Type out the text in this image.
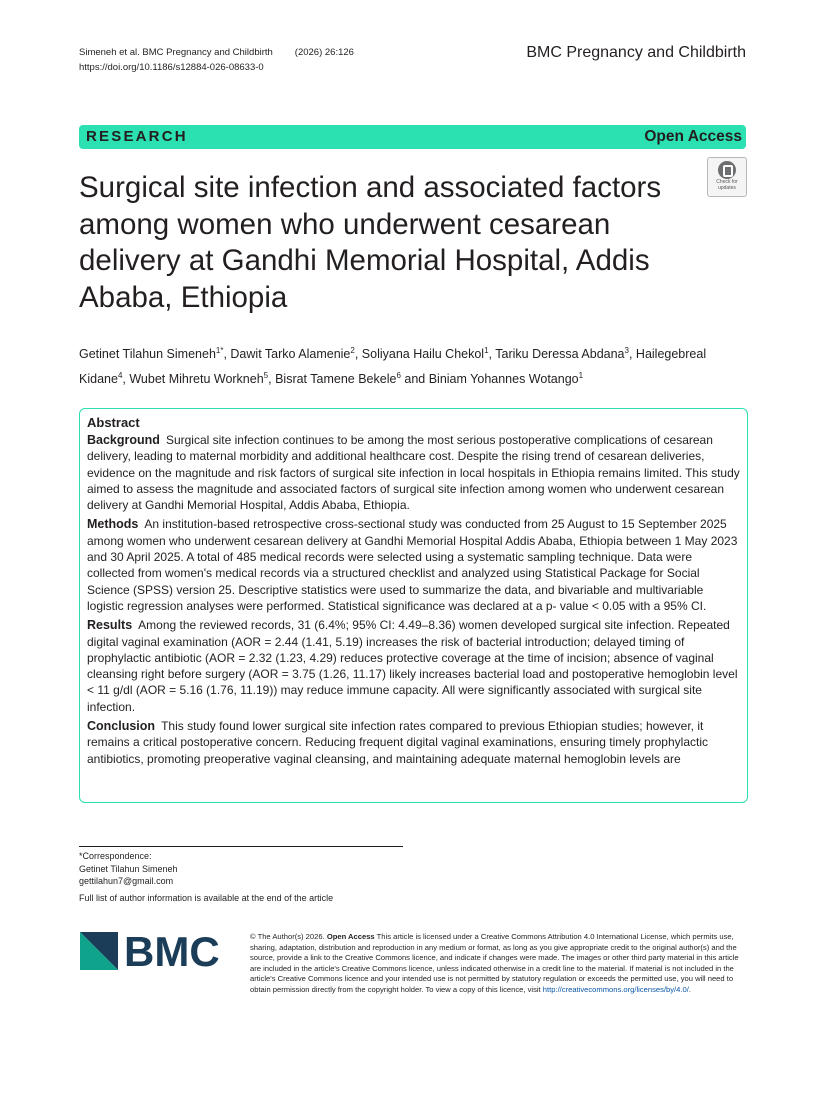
Simeneh et al. BMC Pregnancy and Childbirth (2026) 26:126
https://doi.org/10.1186/s12884-026-08633-0
BMC Pregnancy and Childbirth
RESEARCH	Open Access
Check for
updates
Surgical site infection and associated factors among women who underwent cesarean delivery at Gandhi Memorial Hospital, Addis Ababa, Ethiopia
Getinet Tilahun Simeneh$^{1*}$, Dawit Tarko Alamenie$^2$, Soliyana Hailu Chekol$^1$, Tariku Deressa Abdana$^3$, Hailegebreal Kidane$^4$, Wubet Mihretu Workneh$^5$, Bisrat Tamene Bekele$^6$ and Biniam Yohannes Wotango$^1$
Abstract
Background Surgical site infection continues to be among the most serious postoperative complications of cesarean delivery, leading to maternal morbidity and additional healthcare cost. Despite the rising trend of cesarean deliveries, evidence on the magnitude and risk factors of surgical site infection in local hospitals in Ethiopia remains limited. This study aimed to assess the magnitude and associated factors of surgical site infection among women who underwent cesarean delivery at Gandhi Memorial Hospital, Addis Ababa, Ethiopia.
Methods An institution-based retrospective cross-sectional study was conducted from 25 August to 15 September 2025 among women who underwent cesarean delivery at Gandhi Memorial Hospital Addis Ababa, Ethiopia between 1 May 2023 and 30 April 2025. A total of 485 medical records were selected using a systematic sampling technique. Data were collected from women's medical records via a structured checklist and analyzed using Statistical Package for Social Science (SPSS) version 25. Descriptive statistics were used to summarize the data, and bivariable and multivariable logistic regression analyses were performed. Statistical significance was declared at a p- value < 0.05 with a 95% CI.
Results Among the reviewed records, 31 (6.4%; 95% CI: 4.49–8.36) women developed surgical site infection. Repeated digital vaginal examination (AOR = 2.44 (1.41, 5.19) increases the risk of bacterial introduction; delayed timing of prophylactic antibiotic (AOR = 2.32 (1.23, 4.29) reduces protective coverage at the time of incision; absence of vaginal cleansing right before surgery (AOR = 3.75 (1.26, 11.17) likely increases bacterial load and postoperative hemoglobin level < 11 g/dl (AOR = 5.16 (1.76, 11.19)) may reduce immune capacity. All were significantly associated with surgical site infection.
Conclusion This study found lower surgical site infection rates compared to previous Ethiopian studies; however, it remains a critical postoperative concern. Reducing frequent digital vaginal examinations, ensuring timely prophylactic antibiotics, promoting preoperative vaginal cleansing, and maintaining adequate maternal hemoglobin levels are
*Correspondence:
Getinet Tilahun Simeneh
gettilahun7@gmail.com
Full list of author information is available at the end of the article
BMC	© The Author(s) 2026. Open Access This article is licensed under a Creative Commons Attribution 4.0 International License, which permits use, sharing, adaptation, distribution and reproduction in any medium or format, as long as you give appropriate credit to the original author(s) and the source, provide a link to the Creative Commons licence, and indicate if changes were made. The images or other third party material in this article are included in the article's Creative Commons licence, unless indicated otherwise in a credit line to the material. If material is not included in the article's Creative Commons licence and your intended use is not permitted by statutory regulation or exceeds the permitted use, you will need to obtain permission directly from the copyright holder. To view a copy of this licence, visit http://creativecommons.org/licenses/by/4.0/.
